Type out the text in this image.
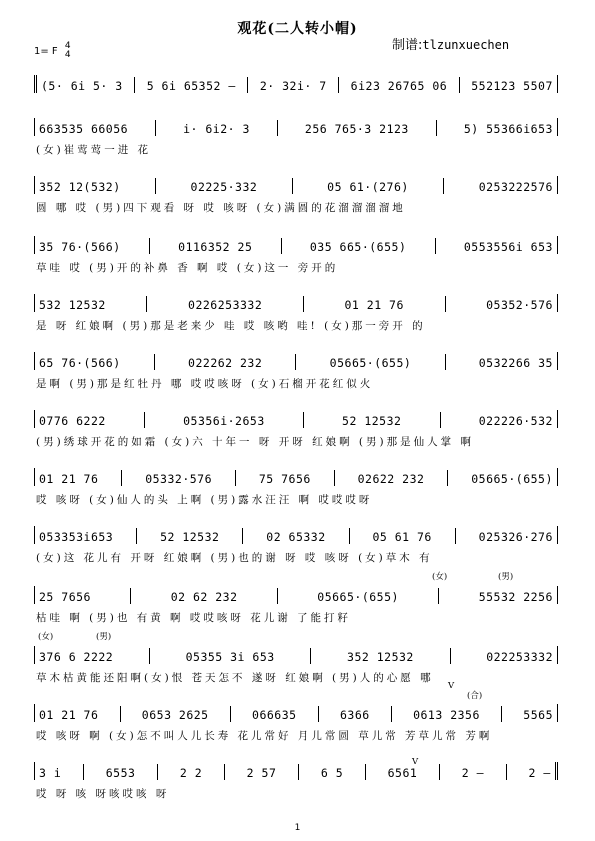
观花(二人转小帽)
1= F 4
4
制谱:tlzunxuechen
(5· 6i 5· 3 5 6i 65352 – 2· 32i· 7 6i23 26765 06 552123 5507
663535 66056	i· 6i2· 3	256 765·3 2123	5) 55366i653
(女)崔莺莺一进 花
352 12(532)	02225·332	05 61·(276)	0253222576
圆 哪 哎 (男)四下观看 呀 哎 咳呀 (女)满圆的花溜溜溜溜地
35 76·(566)	0116352 25	035 665·(655)	0553556i 653
草哇 哎 (男)开的补鼻 香 啊 哎 (女)这一 旁开的
532 12532	0226253332	01 21 76	05352·576
是 呀 红娘啊 (男)那是老来少 哇 哎 咳哟 哇! (女)那一旁开 的
65 76·(566)	022262 232	05665·(655)	0532266 35
是啊 (男)那是红牡丹 哪 哎哎咳呀 (女)石榴开花红似火
0776 6222	05356i·2653	52 12532	022226·532
(男)绣球开花的如霜 (女)六 十年一 呀 开呀 红娘啊 (男)那是仙人掌 啊
01 21 76	05332·576	75 7656	02622 232	05665·(655)
哎 咳呀 (女)仙人的头 上啊 (男)露水汪汪 啊 哎哎哎呀
053353i653	52 12532	02 65332	05 61 76	025326·276
(女)这 花儿有 开呀 红娘啊 (男)也的谢 呀 哎 咳呀 (女)草木 有
25 7656	02 62 232	05665·(655)	55532 2256
枯哇 啊 (男)也 有黄 啊 哎哎咳呀 花儿谢 了能打籽
376 6 2222	05355 3i 653	352 12532	022253332
草木枯黄能还阳啊(女)恨 苍天怎不 遂呀 红娘啊 (男)人的心愿 哪
01 21 76	0653 2625	066635	6366	0613 2356	5565
哎 咳呀 啊 (女)怎不叫人儿长寿 花儿常好 月儿常圆 草儿常 芳草儿常 芳啊
3 i	6553	2 2	2 57	6 5	6561	2 –	2 –
哎 呀 咳 呀咳哎咳 呀
(女)	(男)
(女)	(男)
(合)
V
V
1
